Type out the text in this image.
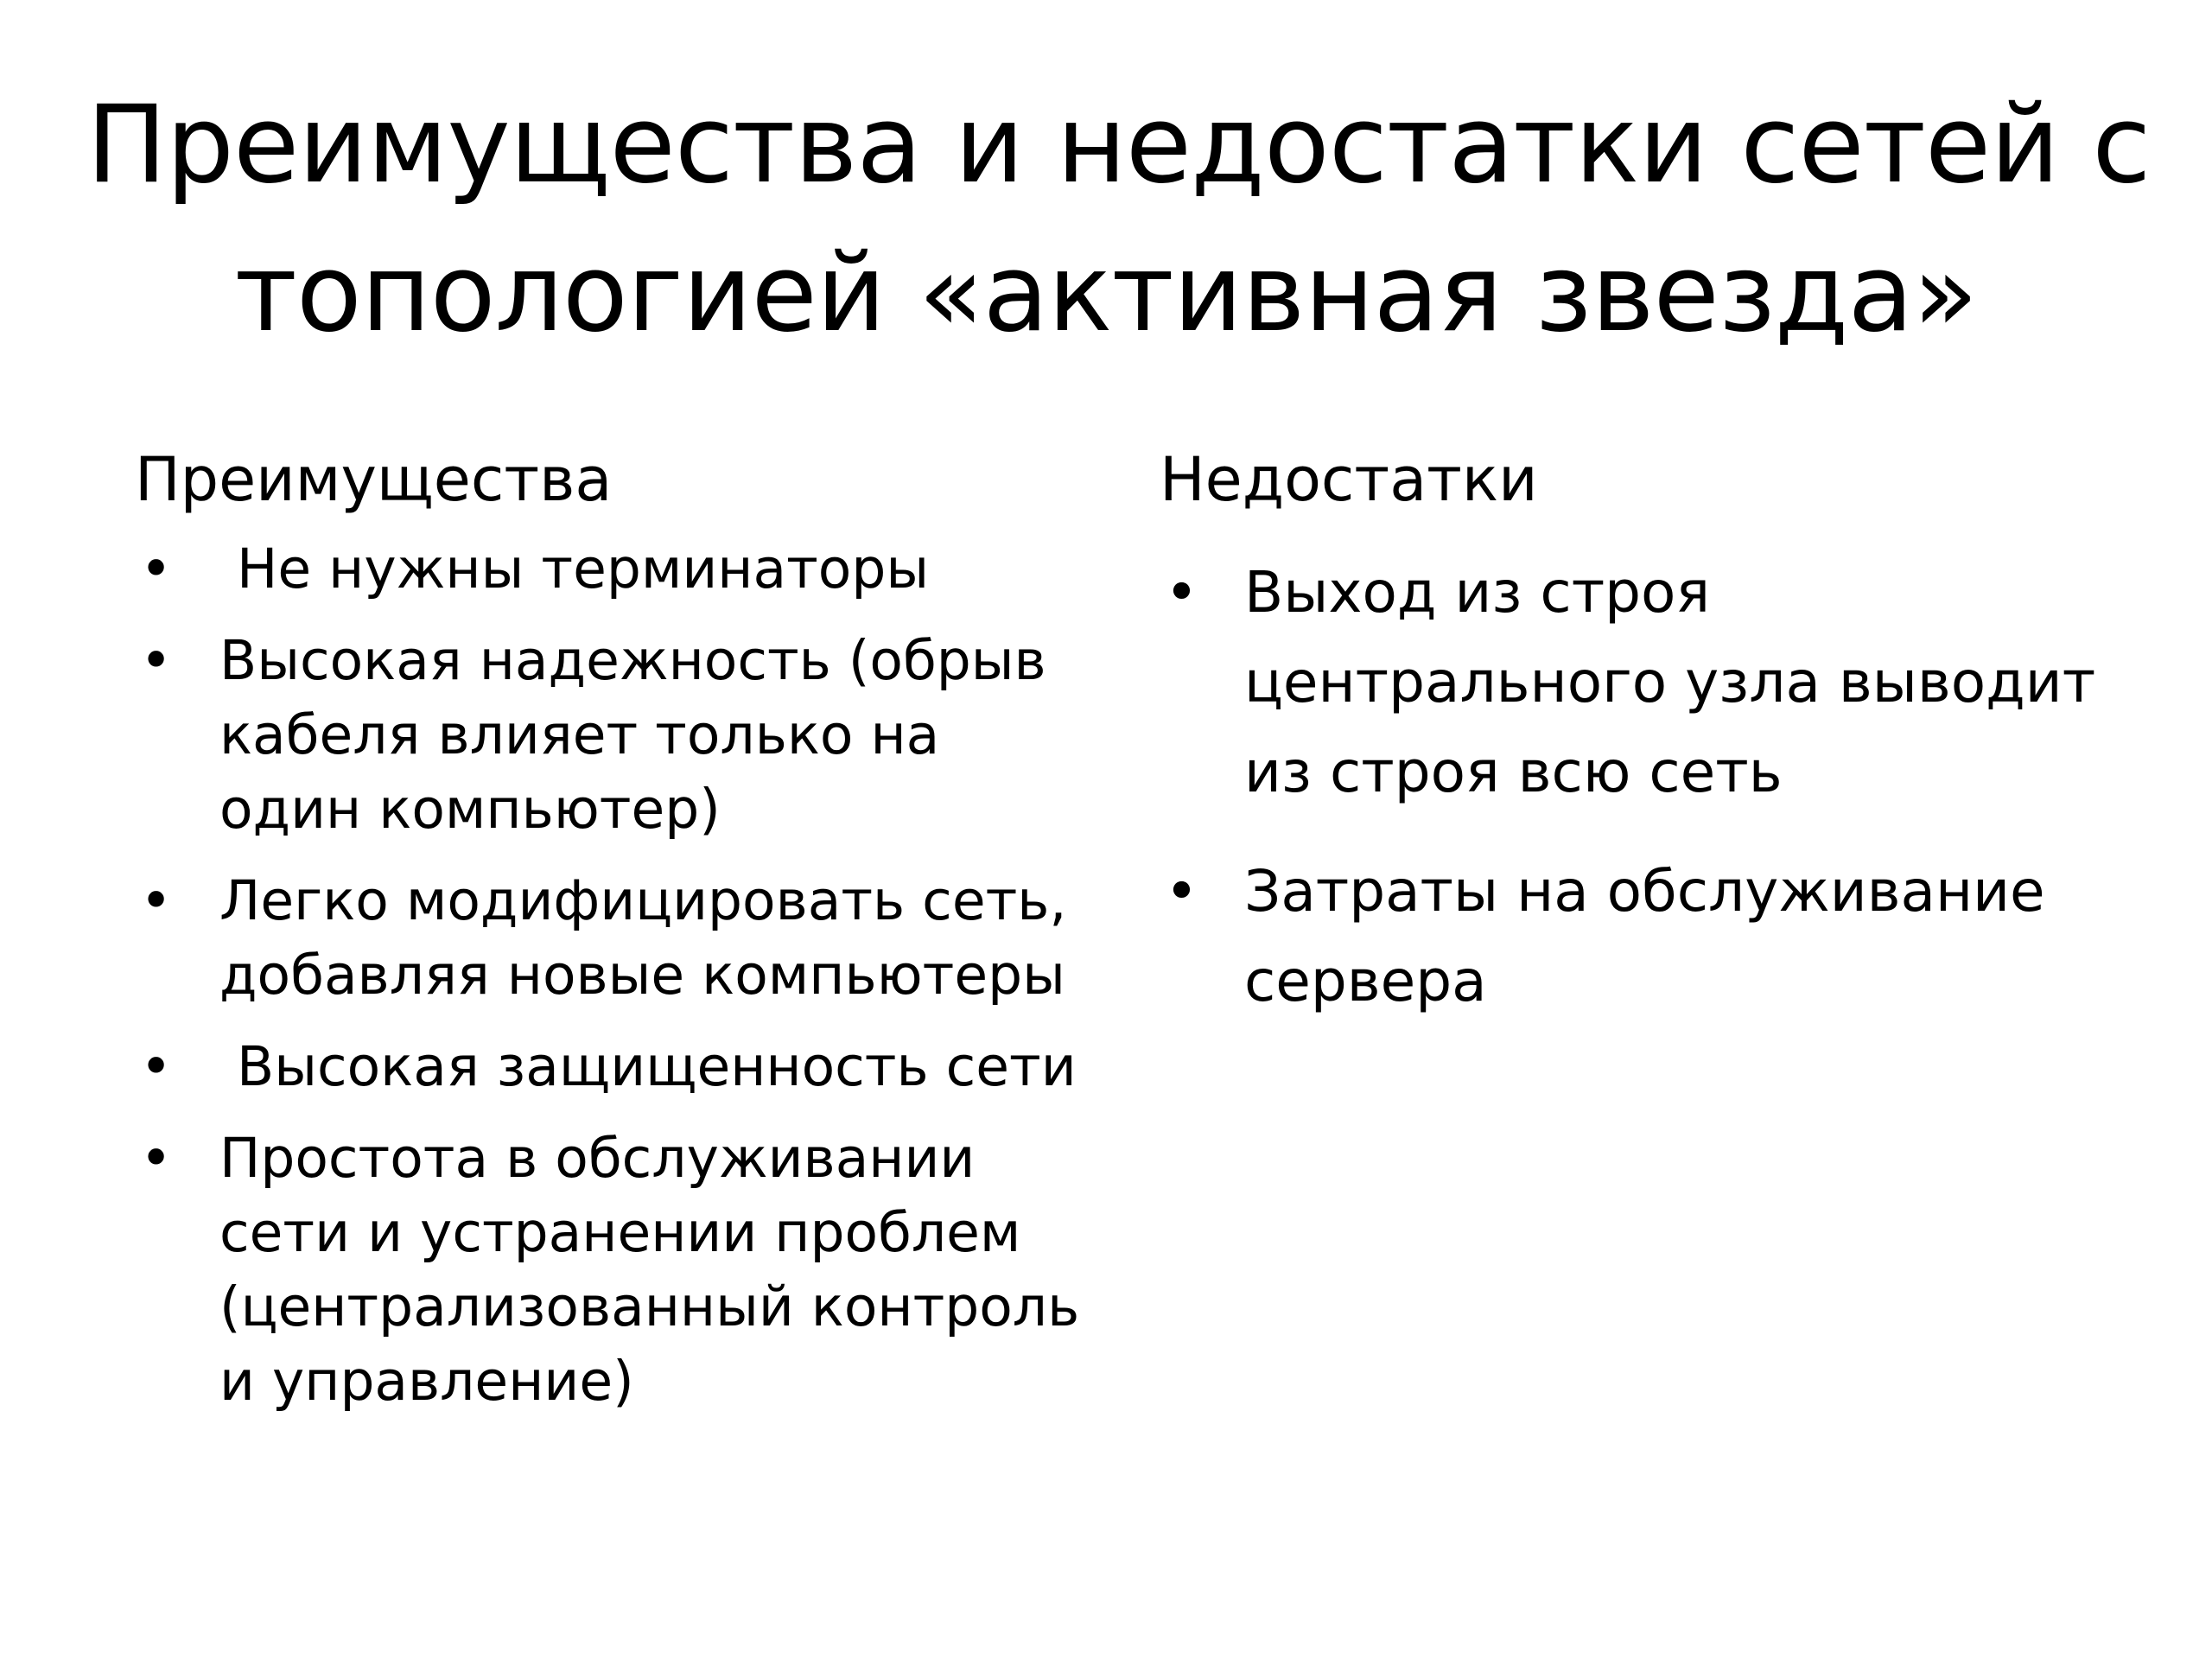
Преимущества и недостатки сетей с
топологией «активная звезда»
Преимущества
• Не нужны терминаторы
• Высокая надежность (обрыв кабеля влияет только на один компьютер)
• Легко модифицировать сеть, добавляя новые компьютеры
• Высокая защищенность сети
• Простота в обслуживании сети и устранении проблем (централизованный контроль и управление)
Недостатки
• Выход из строя центрального узла выводит из строя всю сеть
• Затраты на обслуживание сервера
